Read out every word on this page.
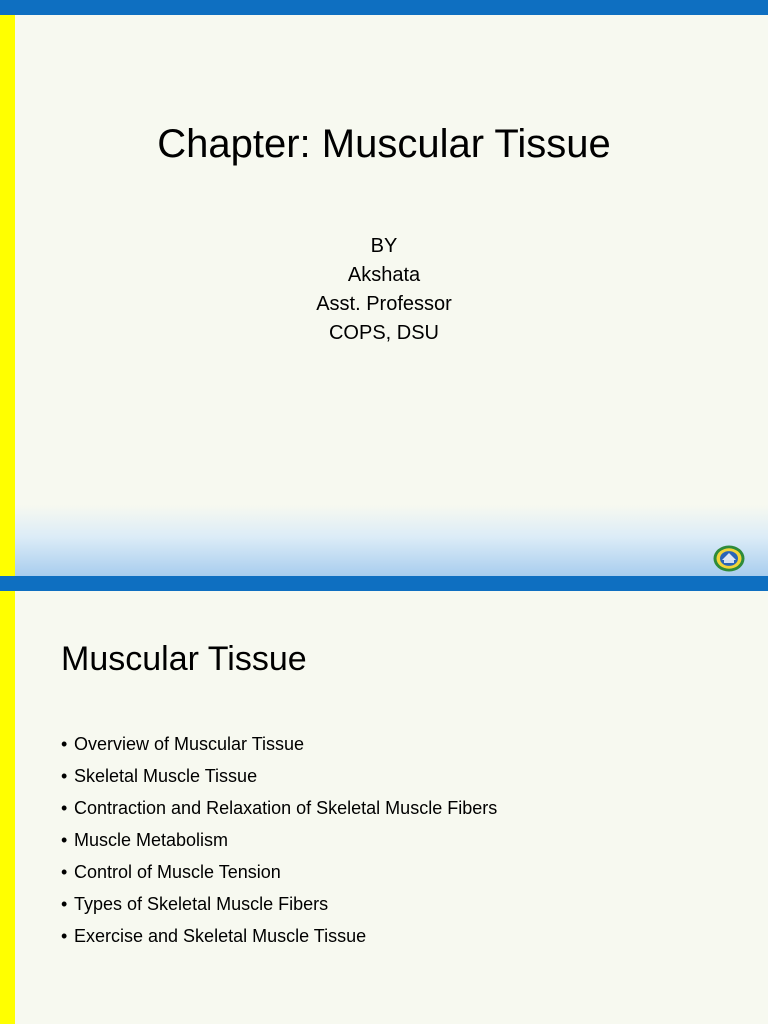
Chapter: Muscular Tissue
BY
Akshata
Asst. Professor
COPS, DSU
Muscular Tissue
• Overview of Muscular Tissue
• Skeletal Muscle Tissue
• Contraction and Relaxation of Skeletal Muscle Fibers
• Muscle Metabolism
• Control of Muscle Tension
• Types of Skeletal Muscle Fibers
• Exercise and Skeletal Muscle Tissue
